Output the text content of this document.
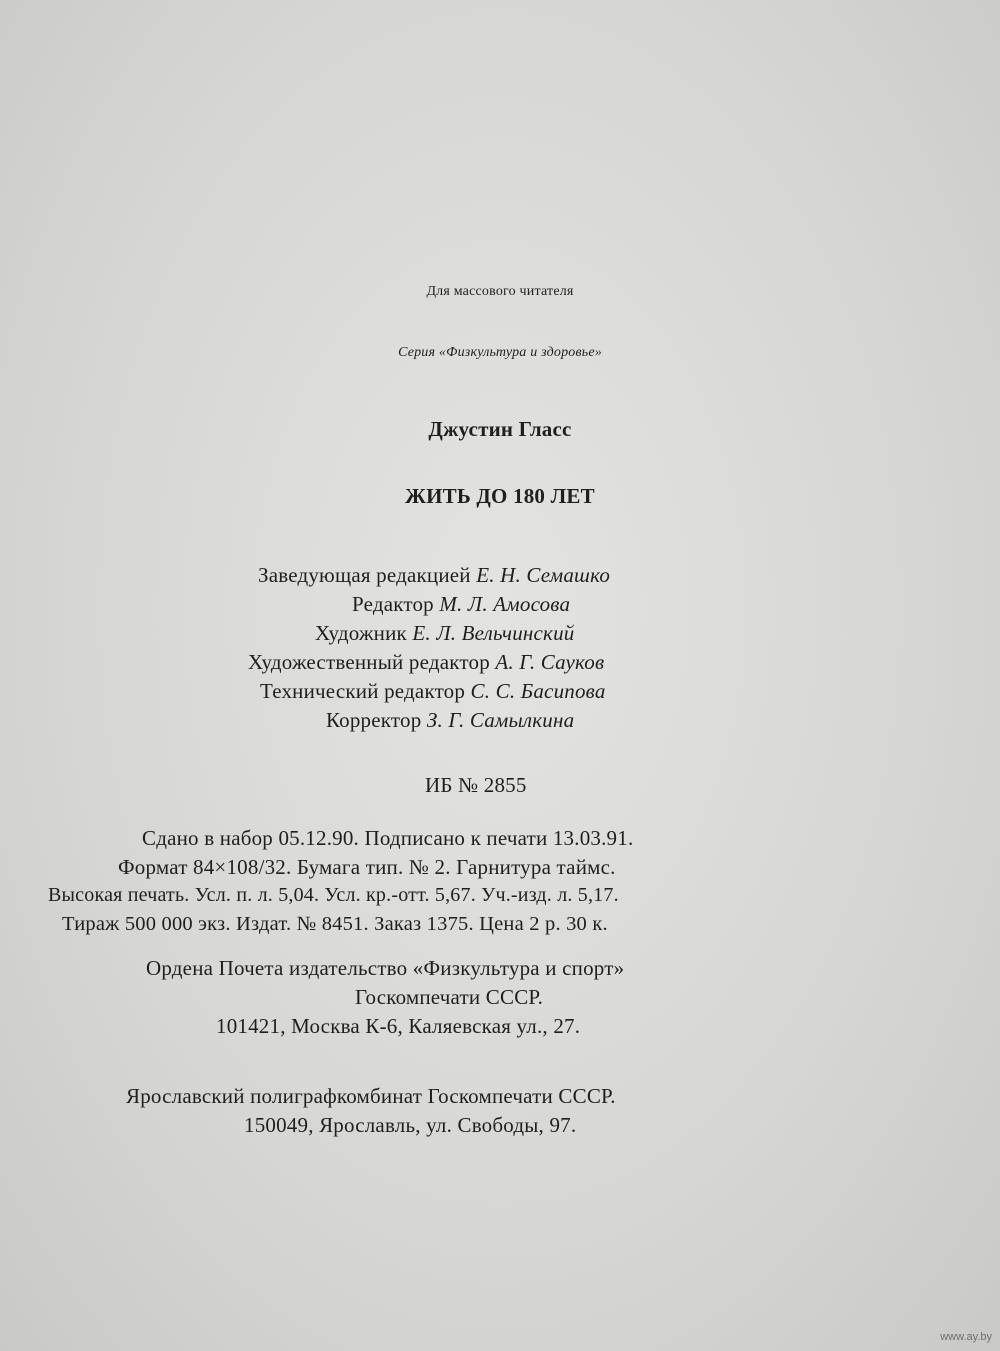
Для массового читателя
Серия «Физкультура и здоровье»
Джустин Гласс
ЖИТЬ ДО 180 ЛЕТ
Заведующая редакцией Е. Н. Семашко
Редактор М. Л. Амосова
Художник Е. Л. Вельчинский
Художественный редактор А. Г. Сауков
Технический редактор С. С. Басипова
Корректор З. Г. Самылкина
ИБ № 2855
Сдано в набор 05.12.90. Подписано к печати 13.03.91.
Формат 84×108/32. Бумага тип. № 2. Гарнитура таймс.
Высокая печать. Усл. п. л. 5,04. Усл. кр.-отт. 5,67. Уч.-изд. л. 5,17.
Тираж 500 000 экз. Издат. № 8451. Заказ 1375. Цена 2 р. 30 к.
Ордена Почета издательство «Физкультура и спорт»
Госкомпечати СССР.
101421, Москва К-6, Каляевская ул., 27.
Ярославский полиграфкомбинат Госкомпечати СССР.
150049, Ярославль, ул. Свободы, 97.
www.ay.by
